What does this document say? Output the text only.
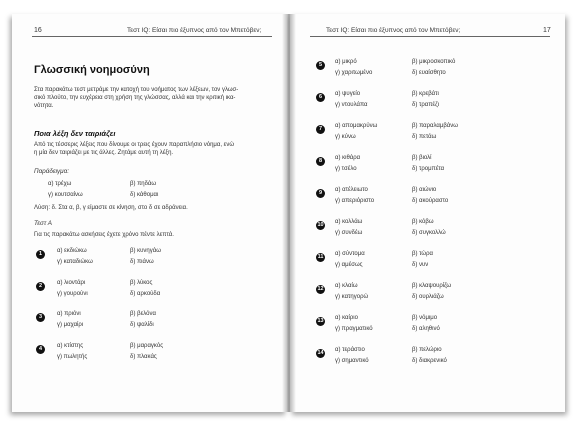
16	Τεστ IQ: Είσαι πιο έξυπνος από τον Μπετόβεν;
Γλωσσική νοημοσύνη
Στα παρακάτω τεστ μετράμε την κατοχή του νοήματος των λέξεων, τον γλωσ-
σικό πλούτο, την ευχέρεια στη χρήση της γλώσσας, αλλά και την κριτική ικα-
νότητα.
Ποια λέξη δεν ταιριάζει
Από τις τέσσερις λέξεις που δίνουμε οι τρεις έχουν παραπλήσιο νόημα, ενώ
η μία δεν ταιριάζει με τις άλλες. Ζητάμε αυτή τη λέξη.
Παράδειγμα:
α) τρέχω	β) πηδάω
γ) κουτσαίνω	δ) κάθομαι
Λύση: δ. Στα α, β, γ είμαστε σε κίνηση, στο δ σε αδράνεια.
Τεστ Α
Για τις παρακάτω ασκήσεις έχετε χρόνο πέντε λεπτά.
1	α) εκδιώκω	β) κυνηγάω
γ) καταδιώκω	δ) πιάνω
2	α) λιοντάρι	β) λύκος
γ) γουρούνι	δ) αρκούδα
3	α) πριόνι	β) βελόνα
γ) μαχαίρι	δ) ψαλίδι
4	α) κτίστης	β) μαραγκός
γ) πωλητής	δ) πλακάς
Τεστ IQ: Είσαι πιο έξυπνος από τον Μπετόβεν;	17
5	α) μικρό	β) μικροσκοπικό
γ) χαριτωμένο	δ) ευαίσθητο
6	α) ψυγείο	β) κρεβάτι
γ) ντουλάπα	δ) τραπέζι
7	α) απομακρύνω	β) παραλαμβάνω
γ) κύνω	δ) πετάω
8	α) κιθάρα	β) βιολί
γ) τσέλο	δ) τρομπέτα
9	α) ατέλειωτο	β) αιώνιο
γ) απεριόριστο	δ) ακούραστο
10 α) κολλάω	β) κόβω
γ) συνδέω	δ) συγκολλώ
11 α) σύντομα	β) τώρα
γ) αμέσως	δ) νυν
12 α) κλαίω	β) κλαψουρίζω
γ) κατηγορώ	δ) ουρλιάζω
13 α) καίριο	β) νόμιμο
γ) πραγματικό	δ) αληθινό
14 α) τεράστιο	β) πελώριο
γ) σημαντικό	δ) διακρενικό
